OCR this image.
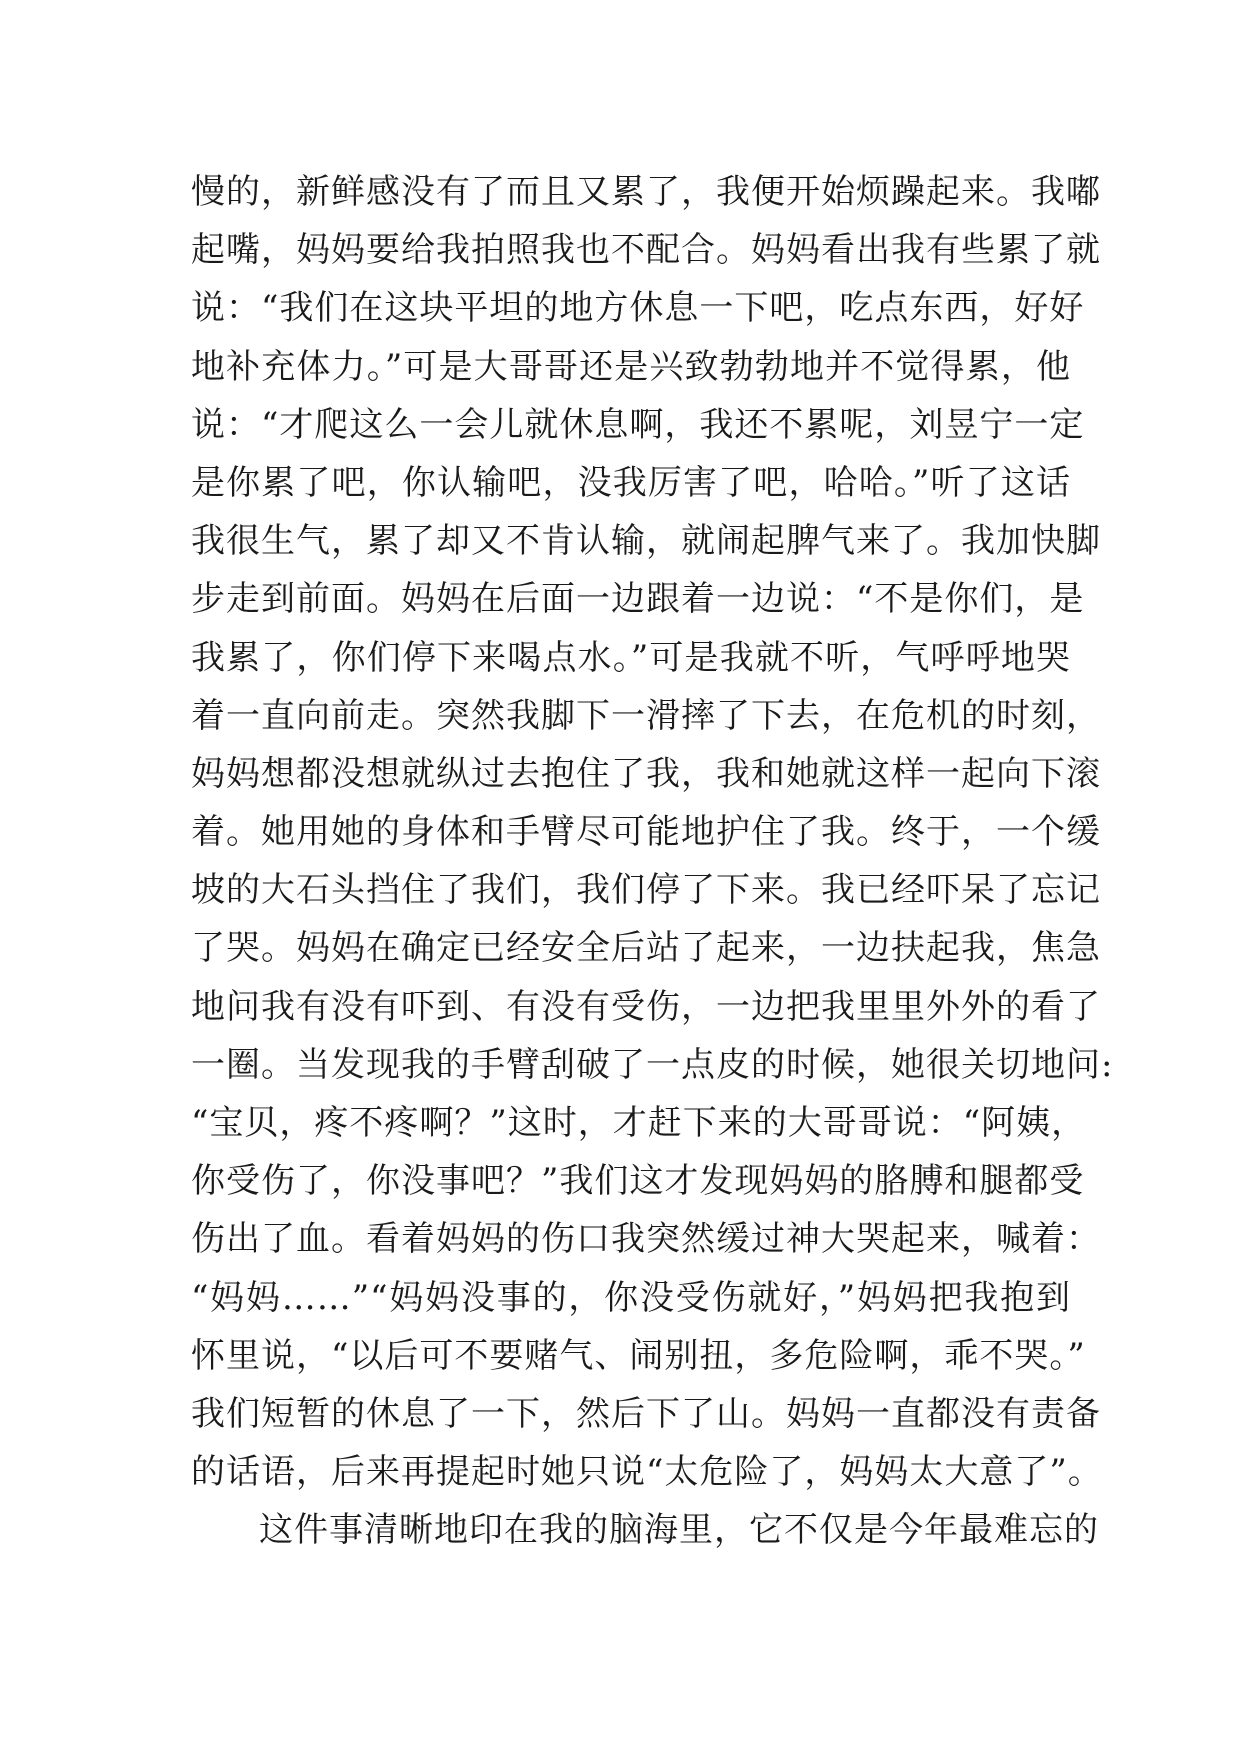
慢的，新鲜感没有了而且又累了，我便开始烦躁起来。我嘟
起嘴，妈妈要给我拍照我也不配合。妈妈看出我有些累了就
说：“我们在这块平坦的地方休息一下吧，吃点东西，好好
地补充体力。”可是大哥哥还是兴致勃勃地并不觉得累，他
说：“才爬这么一会儿就休息啊，我还不累呢，刘昱宁一定
是你累了吧，你认输吧，没我厉害了吧，哈哈。”听了这话
我很生气，累了却又不肯认输，就闹起脾气来了。我加快脚
步走到前面。妈妈在后面一边跟着一边说：“不是你们，是
我累了，你们停下来喝点水。”可是我就不听，气呼呼地哭
着一直向前走。突然我脚下一滑摔了下去，在危机的时刻，
妈妈想都没想就纵过去抱住了我，我和她就这样一起向下滚
着。她用她的身体和手臂尽可能地护住了我。终于，一个缓
坡的大石头挡住了我们，我们停了下来。我已经吓呆了忘记
了哭。妈妈在确定已经安全后站了起来，一边扶起我，焦急
地问我有没有吓到、有没有受伤，一边把我里里外外的看了
一圈。当发现我的手臂刮破了一点皮的时候，她很关切地问:
“宝贝，疼不疼啊？”这时，才赶下来的大哥哥说：“阿姨，
你受伤了，你没事吧？”我们这才发现妈妈的胳膊和腿都受
伤出了血。看着妈妈的伤口我突然缓过神大哭起来，喊着：
“妈妈……”“妈妈没事的，你没受伤就好，”妈妈把我抱到
怀里说，“以后可不要赌气、闹别扭，多危险啊，乖不哭。”
我们短暂的休息了一下，然后下了山。妈妈一直都没有责备
的话语，后来再提起时她只说“太危险了，妈妈太大意了”。
这件事清晰地印在我的脑海里，它不仅是今年最难忘的
